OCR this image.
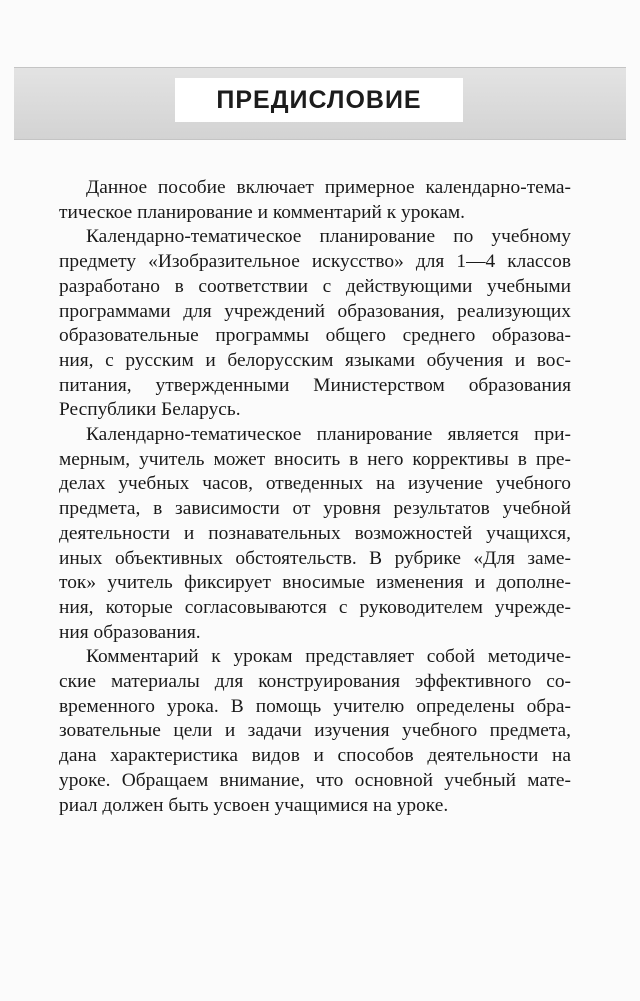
ПРЕДИСЛОВИЕ
Данное пособие включает примерное календарно-тема-
тическое планирование и комментарий к урокам.
Календарно-тематическое планирование по учебному
предмету «Изобразительное искусство» для 1—4 классов
разработано в соответствии с действующими учебными
программами для учреждений образования, реализующих
образовательные программы общего среднего образова-
ния, с русским и белорусским языками обучения и вос-
питания, утвержденными Министерством образования
Республики Беларусь.
Календарно-тематическое планирование является при-
мерным, учитель может вносить в него коррективы в пре-
делах учебных часов, отведенных на изучение учебного
предмета, в зависимости от уровня результатов учебной
деятельности и познавательных возможностей учащихся,
иных объективных обстоятельств. В рубрике «Для заме-
ток» учитель фиксирует вносимые изменения и дополне-
ния, которые согласовываются с руководителем учрежде-
ния образования.
Комментарий к урокам представляет собой методиче-
ские материалы для конструирования эффективного со-
временного урока. В помощь учителю определены обра-
зовательные цели и задачи изучения учебного предмета,
дана характеристика видов и способов деятельности на
уроке. Обращаем внимание, что основной учебный мате-
риал должен быть усвоен учащимися на уроке.
